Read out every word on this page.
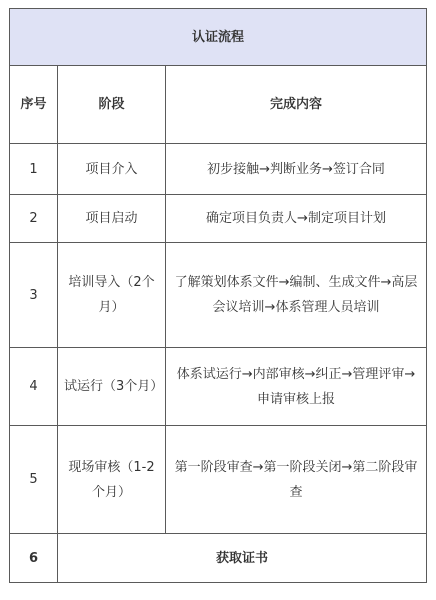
认证流程		
序号	阶段	完成内容
1	项目介入	初步接触→判断业务→签订合同
2	项目启动	确定项目负责人→制定项目计划
3	培训导入（2个月）	了解策划体系文件→编制、生成文件→高层会议培训→体系管理人员培训
4	试运行（3个月）	体系试运行→内部审核→纠正→管理评审→申请审核上报
5	现场审核（1-2个月）	第一阶段审查→第一阶段关闭→第二阶段审查
6	获取证书	
